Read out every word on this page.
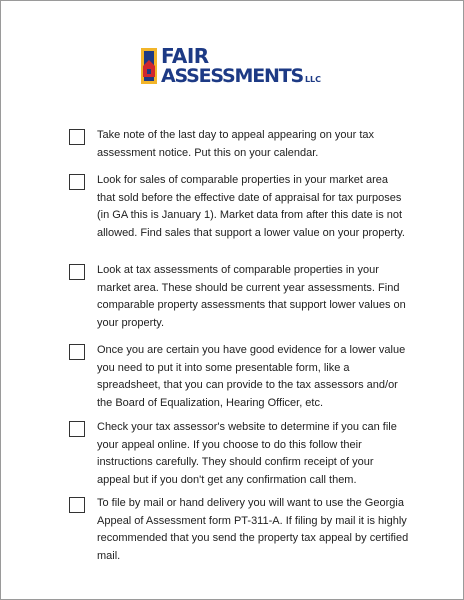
FAIR
ASSESSMENTS LLC
Take note of the last day to appeal appearing on your tax assessment notice. Put this on your calendar.
Look for sales of comparable properties in your market area that sold before the effective date of appraisal for tax purposes (in GA this is January 1). Market data from after this date is not allowed. Find sales that support a lower value on your property.
Look at tax assessments of comparable properties in your market area. These should be current year assessments. Find comparable property assessments that support lower values on your property.
Once you are certain you have good evidence for a lower value you need to put it into some presentable form, like a spreadsheet, that you can provide to the tax assessors and/or the Board of Equalization, Hearing Officer, etc.
Check your tax assessor's website to determine if you can file your appeal online. If you choose to do this follow their instructions carefully. They should confirm receipt of your appeal but if you don't get any confirmation call them.
To file by mail or hand delivery you will want to use the Georgia Appeal of Assessment form PT-311-A. If filing by mail it is highly recommended that you send the property tax appeal by certified mail.
